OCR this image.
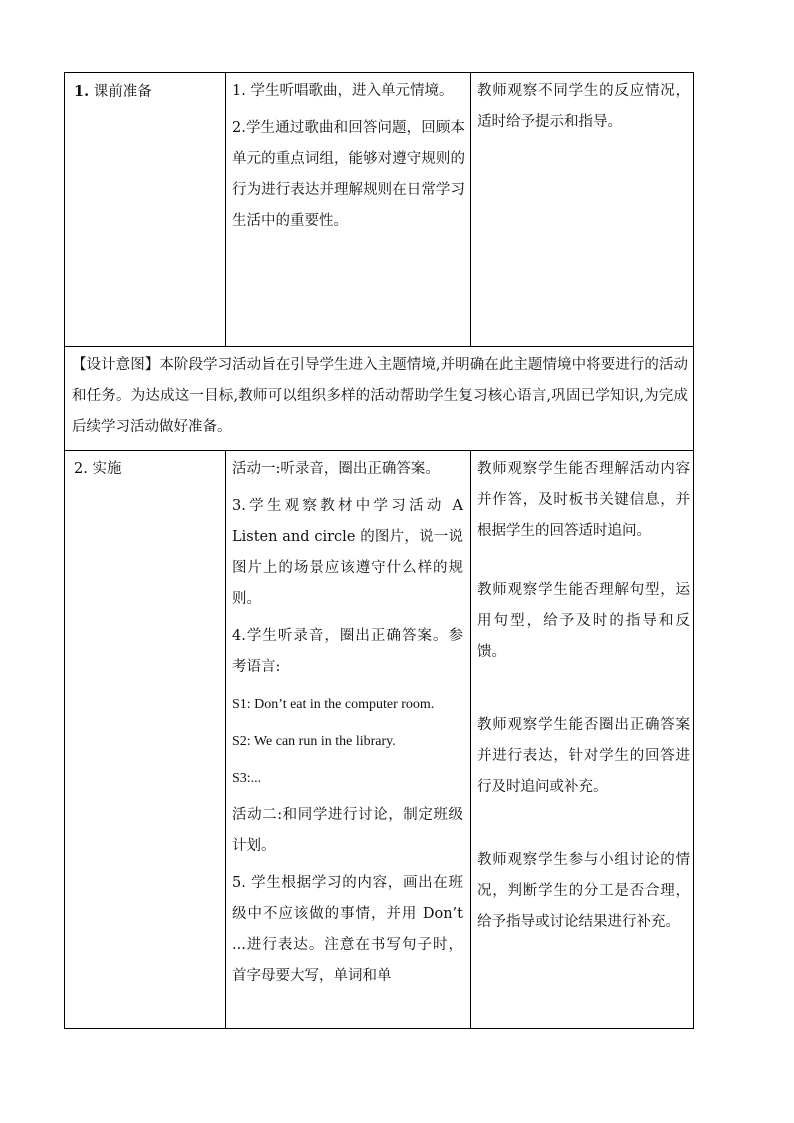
1. 课前准备	1. 学生听唱歌曲，进入单元情境。

2.学生通过歌曲和回答问题，回顾本单元的重点词组，能够对遵守规则的行为进行表达并理解规则在日常学习生活中的重要性。

教师观察不同学生的反应情况，适时给予提示和指导。

【设计意图】本阶段学习活动旨在引导学生进入主题情境,并明确在此主题情境中将要进行的活动和任务。为达成这一目标,教师可以组织多样的活动帮助学生复习核心语言,巩固已学知识,为完成后续学习活动做好准备。

2. 实施	活动一:听录音，圈出正确答案。

3.学生观察教材中学习活动 A Listen and circle 的图片，说一说图片上的场景应该遵守什么样的规则。

4.学生听录音，圈出正确答案。参考语言:

S1: Don’t eat in the computer room.

S2: We can run in the library.

S3:...

活动二:和同学进行讨论，制定班级计划。

5. 学生根据学习的内容，画出在班级中不应该做的事情，并用 Don’t ...进行表达。注意在书写句子时，首字母要大写，单词和单

教师观察学生能否理解活动内容并作答，及时板书关键信息，并根据学生的回答适时追问。

教师观察学生能否理解句型，运用句型，给予及时的指导和反馈。

教师观察学生能否圈出正确答案并进行表达，针对学生的回答进行及时追问或补充。

教师观察学生参与小组讨论的情况，判断学生的分工是否合理，给予指导或讨论结果进行补充。
